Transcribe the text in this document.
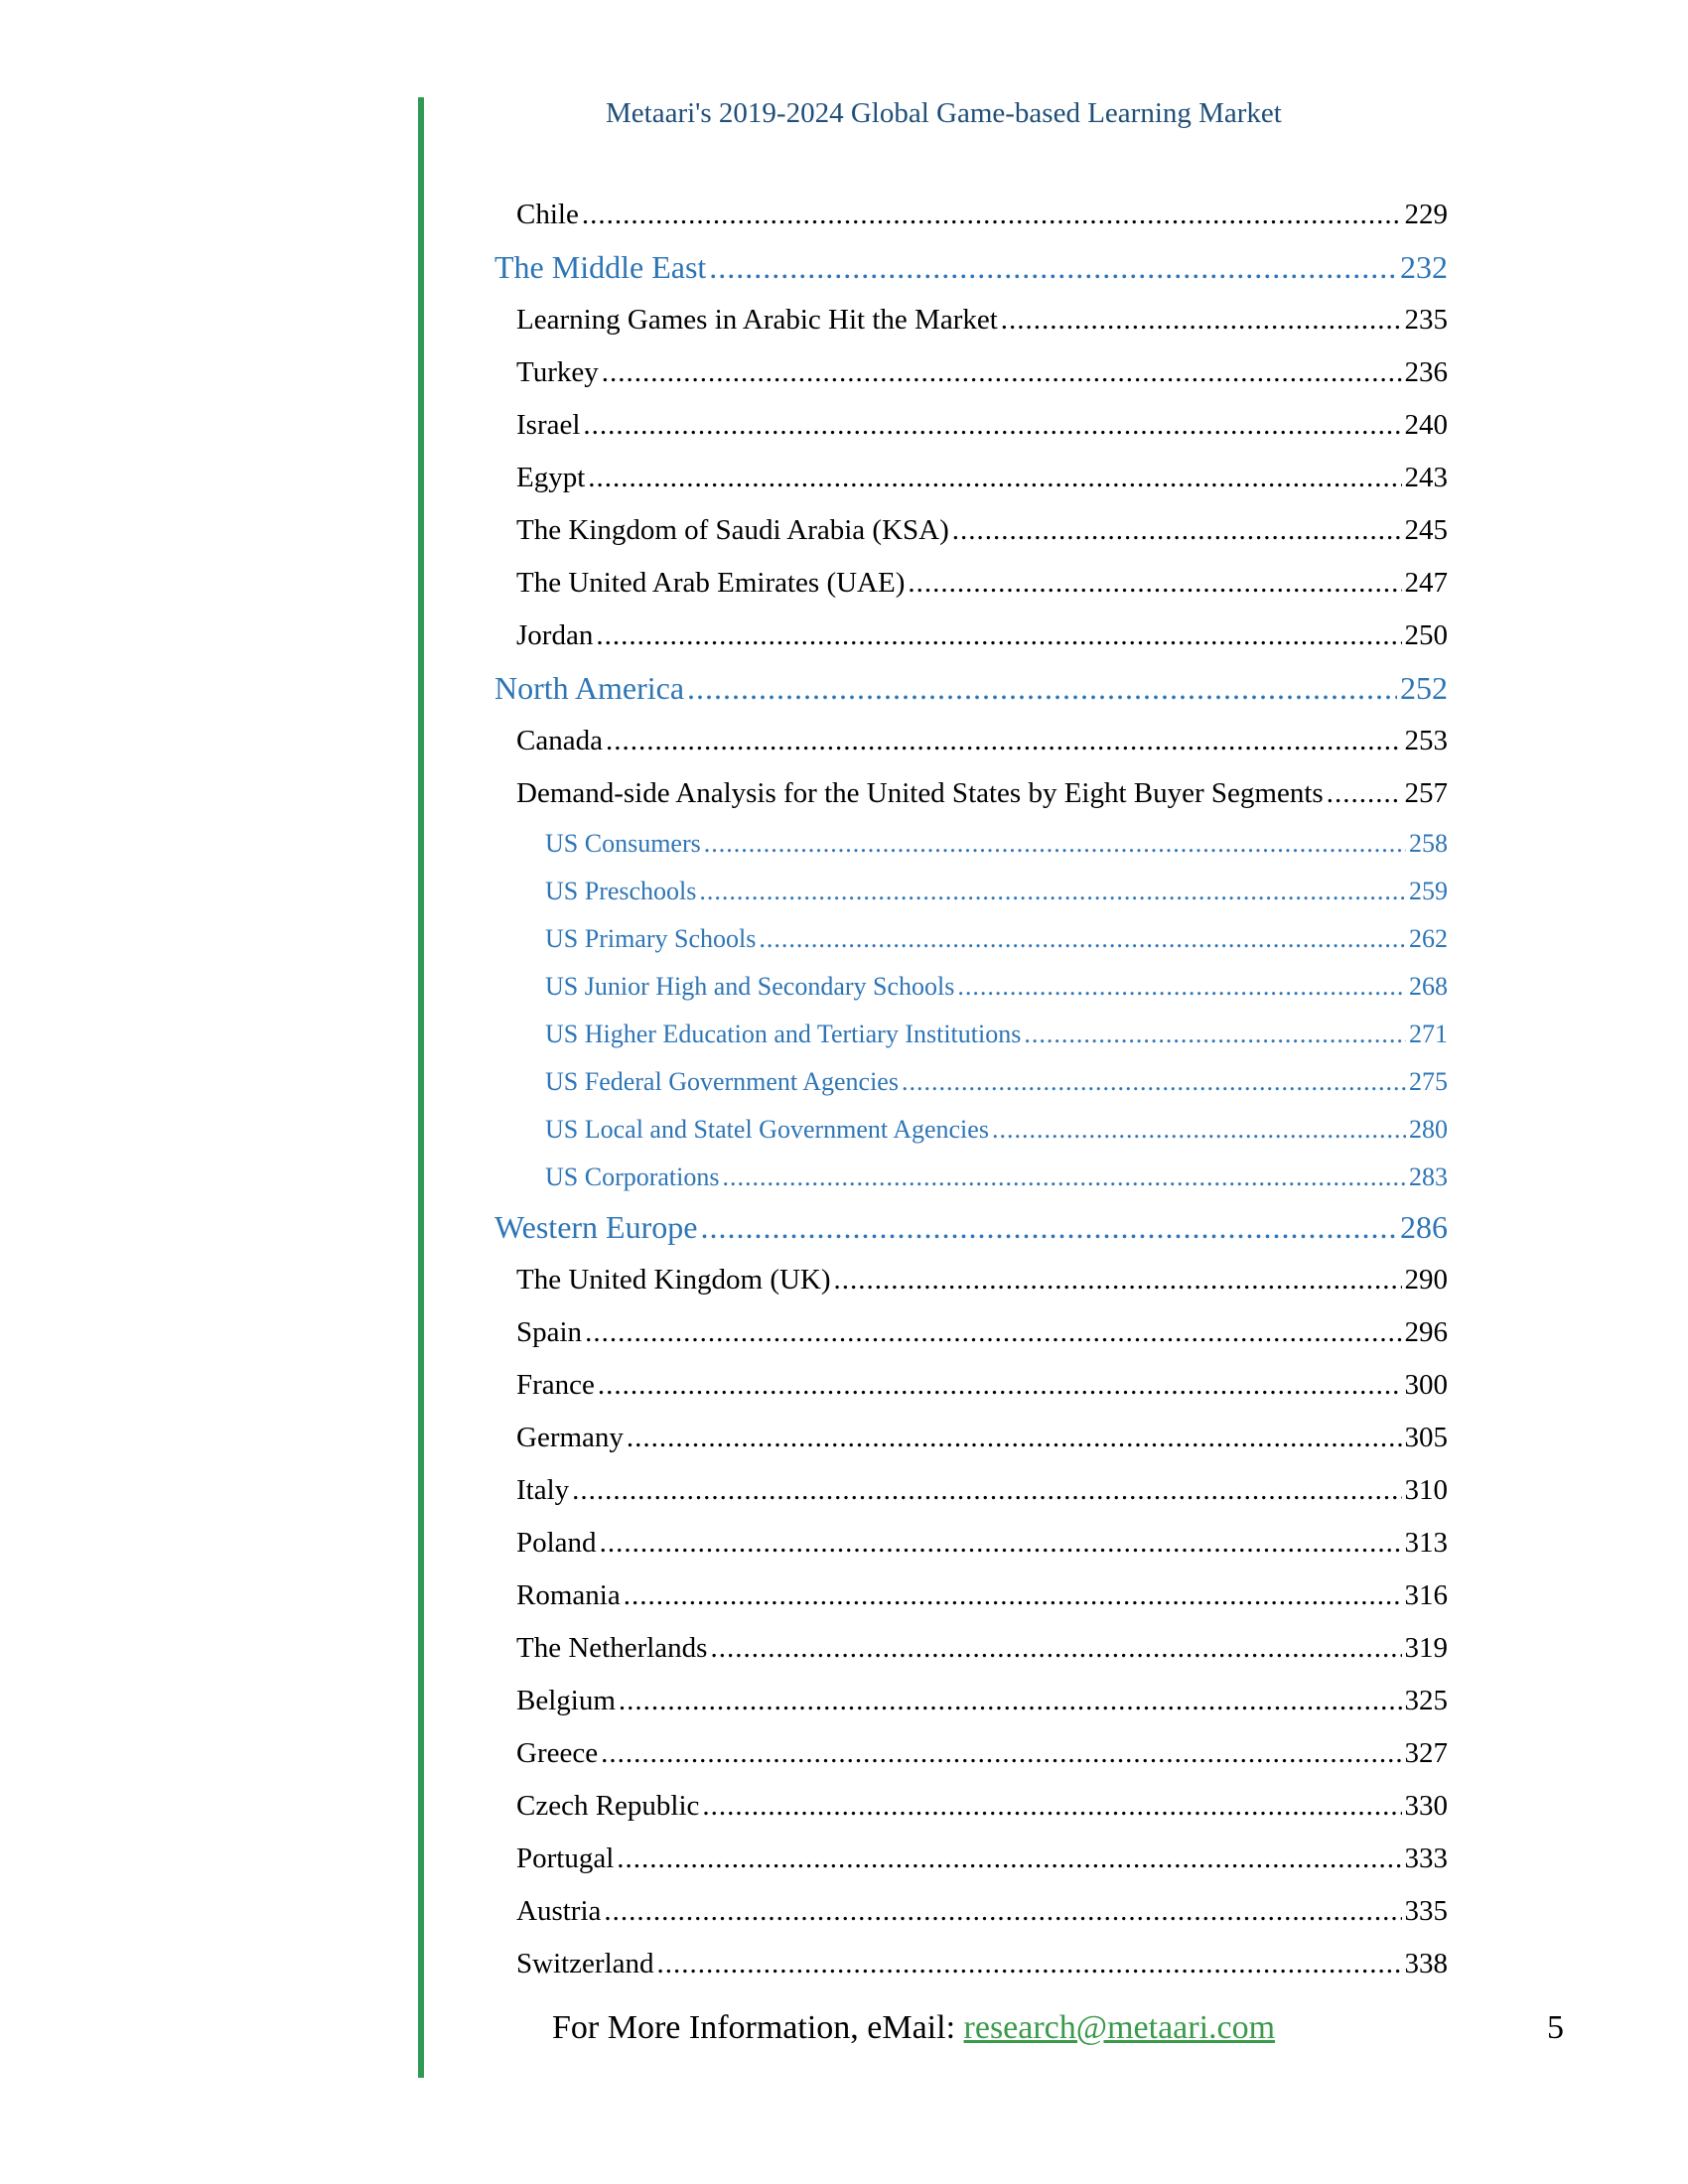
Metaari's 2019-2024 Global Game-based Learning Market
Chile .....	229
The Middle East .....	232
Learning Games in Arabic Hit the Market .....	235
Turkey .....	236
Israel .....	240
Egypt .....	243
The Kingdom of Saudi Arabia (KSA) .....	245
The United Arab Emirates (UAE) .....	247
Jordan .....	250
North America .....	252
Canada .....	253
Demand-side Analysis for the United States by Eight Buyer Segments .....	257
US Consumers .....	258
US Preschools .....	259
US Primary Schools .....	262
US Junior High and Secondary Schools .....	268
US Higher Education and Tertiary Institutions .....	271
US Federal Government Agencies .....	275
US Local and Statel Government Agencies .....	280
US Corporations .....	283
Western Europe .....	286
The United Kingdom (UK) .....	290
Spain .....	296
France .....	300
Germany .....	305
Italy .....	310
Poland .....	313
Romania .....	316
The Netherlands .....	319
Belgium .....	325
Greece .....	327
Czech Republic .....	330
Portugal .....	333
Austria .....	335
Switzerland .....	338
For More Information, eMail: research@metaari.com	5
